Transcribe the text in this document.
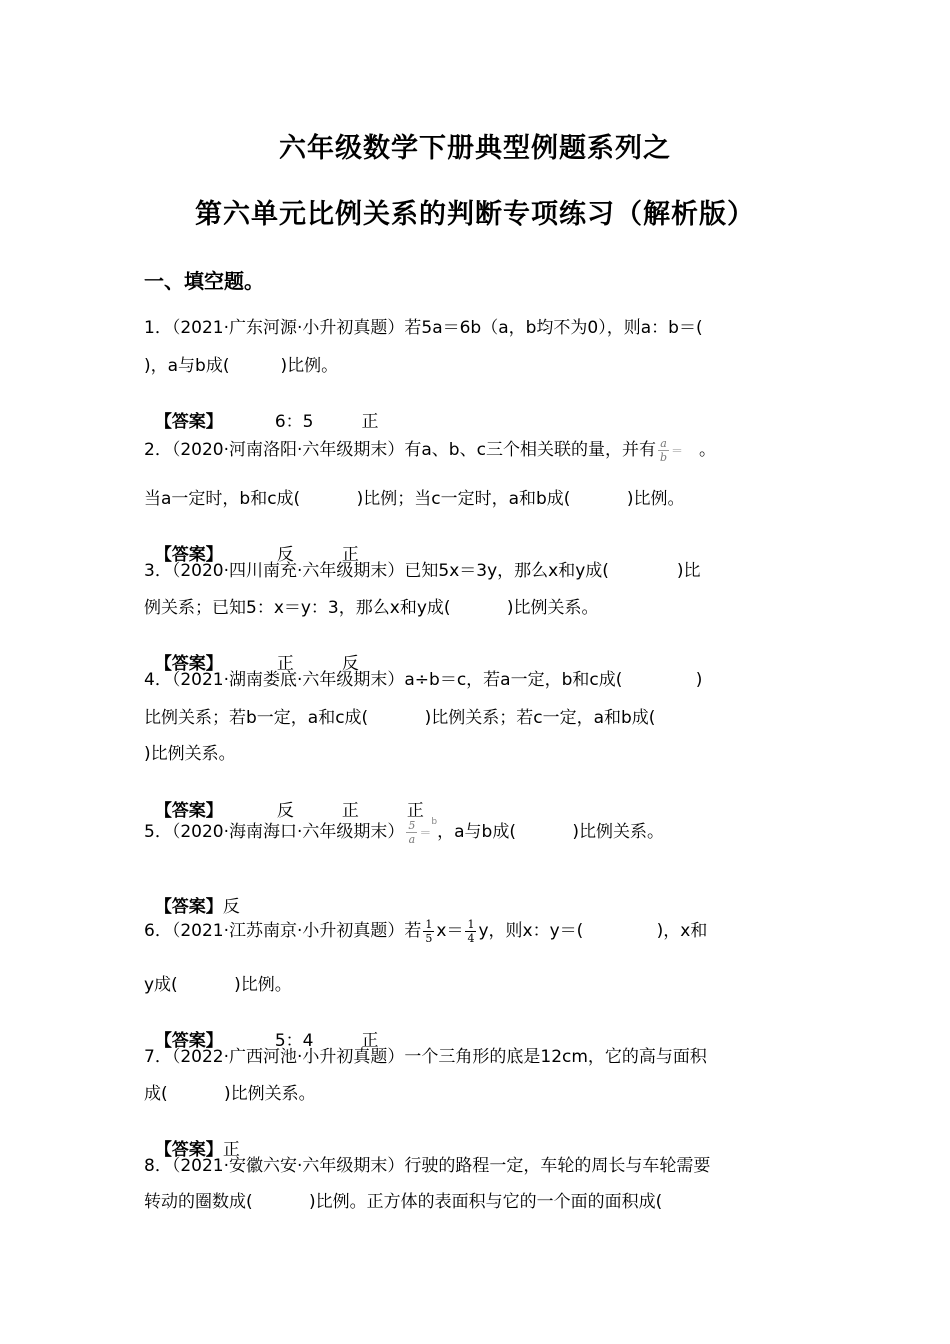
六年级数学下册典型例题系列之
第六单元比例关系的判断专项练习（解析版）
一、填空题。
1．（2021·广东河源·小升初真题）若5a＝6b（a，b均不为0），则a：b＝(
)，a与b成(　　　)比例。

【答案】	6：5	正

2．（2020·河南洛阳·六年级期末）有a、b、c三个相关联的量，并有 $\frac{a}{b}$ ＝ 。
当a一定时，b和c成(　　　 )比例；当c一定时，a和b成(　　　 )比例。

【答案】	反	正

3．（2020·四川南充·六年级期末）已知5x＝3y，那么x和y成(　　　　)比
例关系；已知5：x＝y：3，那么x和y成(　　　 )比例关系。

【答案】	正	反

4．（2021·湖南娄底·六年级期末）a÷b＝c，若a一定，b和c成(　　　　 )
比例关系；若b一定，a和c成(　　　 )比例关系；若c一定，a和b成(
)比例关系。

【答案】	反	正	正

5．（2020·海南海口·六年级期末） $\frac{5}{a} =^b$，a与b成(　　　 )比例关系。

【答案】反

6．（2021·江苏南京·小升初真题）若 $\frac{1}{5} x= \frac{1}{4}$ y，则x：y＝(　　　　 )，x和
y成(　　　 )比例。

【答案】	5：4	正

7．（2022·广西河池·小升初真题）一个三角形的底是12cm，它的高与面积
成(　　　 )比例关系。

【答案】正

8．（2021·安徽六安·六年级期末）行驶的路程一定，车轮的周长与车轮需要
转动的圈数成(　　　 )比例。正方体的表面积与它的一个面的面积成(
